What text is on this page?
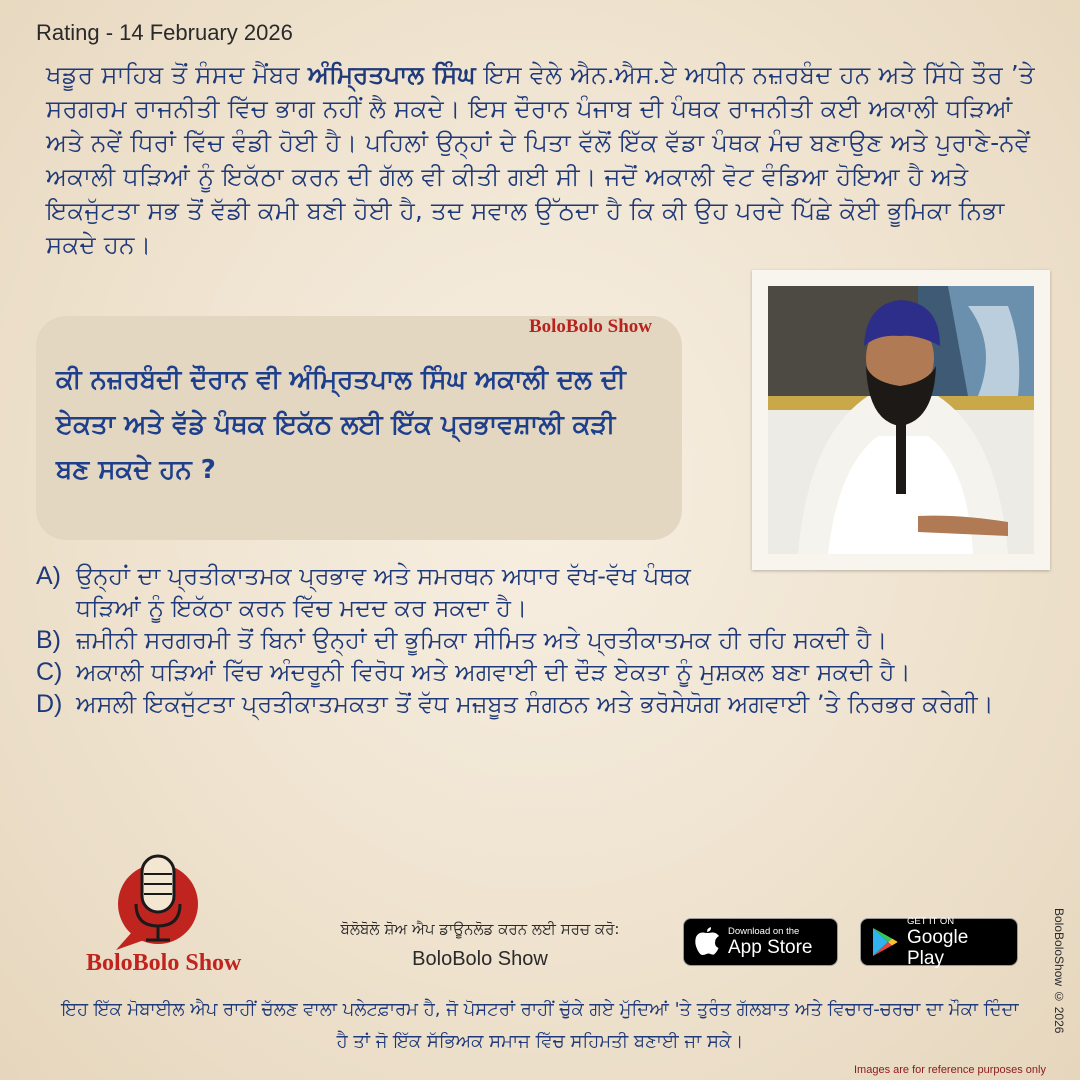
Rating - 14 February 2026
ਖਡੂਰ ਸਾਹਿਬ ਤੋਂ ਸੰਸਦ ਮੈਂਬਰ ਅੰਮ੍ਰਿਤਪਾਲ ਸਿੰਘ ਇਸ ਵੇਲੇ ਐਨ.ਐਸ.ਏ ਅਧੀਨ ਨਜ਼ਰਬੰਦ ਹਨ ਅਤੇ ਸਿੱਧੇ ਤੌਰ ’ਤੇ ਸਰਗਰਮ ਰਾਜਨੀਤੀ ਵਿੱਚ ਭਾਗ ਨਹੀਂ ਲੈ ਸਕਦੇ। ਇਸ ਦੌਰਾਨ ਪੰਜਾਬ ਦੀ ਪੰਥਕ ਰਾਜਨੀਤੀ ਕਈ ਅਕਾਲੀ ਧੜਿਆਂ ਅਤੇ ਨਵੇਂ ਧਿਰਾਂ ਵਿੱਚ ਵੰਡੀ ਹੋਈ ਹੈ। ਪਹਿਲਾਂ ਉਨ੍ਹਾਂ ਦੇ ਪਿਤਾ ਵੱਲੋਂ ਇੱਕ ਵੱਡਾ ਪੰਥਕ ਮੰਚ ਬਣਾਉਣ ਅਤੇ ਪੁਰਾਣੇ-ਨਵੇਂ ਅਕਾਲੀ ਧੜਿਆਂ ਨੂੰ ਇਕੱਠਾ ਕਰਨ ਦੀ ਗੱਲ ਵੀ ਕੀਤੀ ਗਈ ਸੀ। ਜਦੋਂ ਅਕਾਲੀ ਵੋਟ ਵੰਡਿਆ ਹੋਇਆ ਹੈ ਅਤੇ ਇਕਜੁੱਟਤਾ ਸਭ ਤੋਂ ਵੱਡੀ ਕਮੀ ਬਣੀ ਹੋਈ ਹੈ, ਤਦ ਸਵਾਲ ਉੱਠਦਾ ਹੈ ਕਿ ਕੀ ਉਹ ਪਰਦੇ ਪਿੱਛੇ ਕੋਈ ਭੂਮਿਕਾ ਨਿਭਾ ਸਕਦੇ ਹਨ।
BoloBolo Show
ਕੀ ਨਜ਼ਰਬੰਦੀ ਦੌਰਾਨ ਵੀ ਅੰਮ੍ਰਿਤਪਾਲ ਸਿੰਘ ਅਕਾਲੀ ਦਲ ਦੀ ਏਕਤਾ ਅਤੇ ਵੱਡੇ ਪੰਥਕ ਇਕੱਠ ਲਈ ਇੱਕ ਪ੍ਰਭਾਵਸ਼ਾਲੀ ਕੜੀ ਬਣ ਸਕਦੇ ਹਨ ?
A) ਉਨ੍ਹਾਂ ਦਾ ਪ੍ਰਤੀਕਾਤਮਕ ਪ੍ਰਭਾਵ ਅਤੇ ਸਮਰਥਨ ਅਧਾਰ ਵੱਖ-ਵੱਖ ਪੰਥਕ ਧੜਿਆਂ ਨੂੰ ਇਕੱਠਾ ਕਰਨ ਵਿੱਚ ਮਦਦ ਕਰ ਸਕਦਾ ਹੈ।
B) ਜ਼ਮੀਨੀ ਸਰਗਰਮੀ ਤੋਂ ਬਿਨਾਂ ਉਨ੍ਹਾਂ ਦੀ ਭੂਮਿਕਾ ਸੀਮਿਤ ਅਤੇ ਪ੍ਰਤੀਕਾਤਮਕ ਹੀ ਰਹਿ ਸਕਦੀ ਹੈ।
C) ਅਕਾਲੀ ਧੜਿਆਂ ਵਿੱਚ ਅੰਦਰੂਨੀ ਵਿਰੋਧ ਅਤੇ ਅਗਵਾਈ ਦੀ ਦੌੜ ਏਕਤਾ ਨੂੰ ਮੁਸ਼ਕਲ ਬਣਾ ਸਕਦੀ ਹੈ।
D) ਅਸਲੀ ਇਕਜੁੱਟਤਾ ਪ੍ਰਤੀਕਾਤਮਕਤਾ ਤੋਂ ਵੱਧ ਮਜ਼ਬੂਤ ਸੰਗਠਨ ਅਤੇ ਭਰੋਸੇਯੋਗ ਅਗਵਾਈ ’ਤੇ ਨਿਰਭਰ ਕਰੇਗੀ।
BoloBolo Show
ਬੋਲੋਬੋਲੋ ਸ਼ੋਅ ਐਪ ਡਾਊਨਲੋਡ ਕਰਨ ਲਈ ਸਰਚ ਕਰੋ:
BoloBolo Show
Download on the
App Store
GET IT ON
Google Play
ਇਹ ਇੱਕ ਮੋਬਾਈਲ ਐਪ ਰਾਹੀਂ ਚੱਲਣ ਵਾਲਾ ਪਲੇਟਫ਼ਾਰਮ ਹੈ, ਜੋ ਪੋਸਟਰਾਂ ਰਾਹੀਂ ਚੁੱਕੇ ਗਏ ਮੁੱਦਿਆਂ 'ਤੇ ਤੁਰੰਤ ਗੱਲਬਾਤ ਅਤੇ ਵਿਚਾਰ-ਚਰਚਾ ਦਾ ਮੌਕਾ ਦਿੰਦਾ ਹੈ ਤਾਂ ਜੋ ਇੱਕ ਸੱਭਿਅਕ ਸਮਾਜ ਵਿੱਚ ਸਹਿਮਤੀ ਬਣਾਈ ਜਾ ਸਕੇ।
BoloBoloShow © 2026
Images are for reference purposes only
